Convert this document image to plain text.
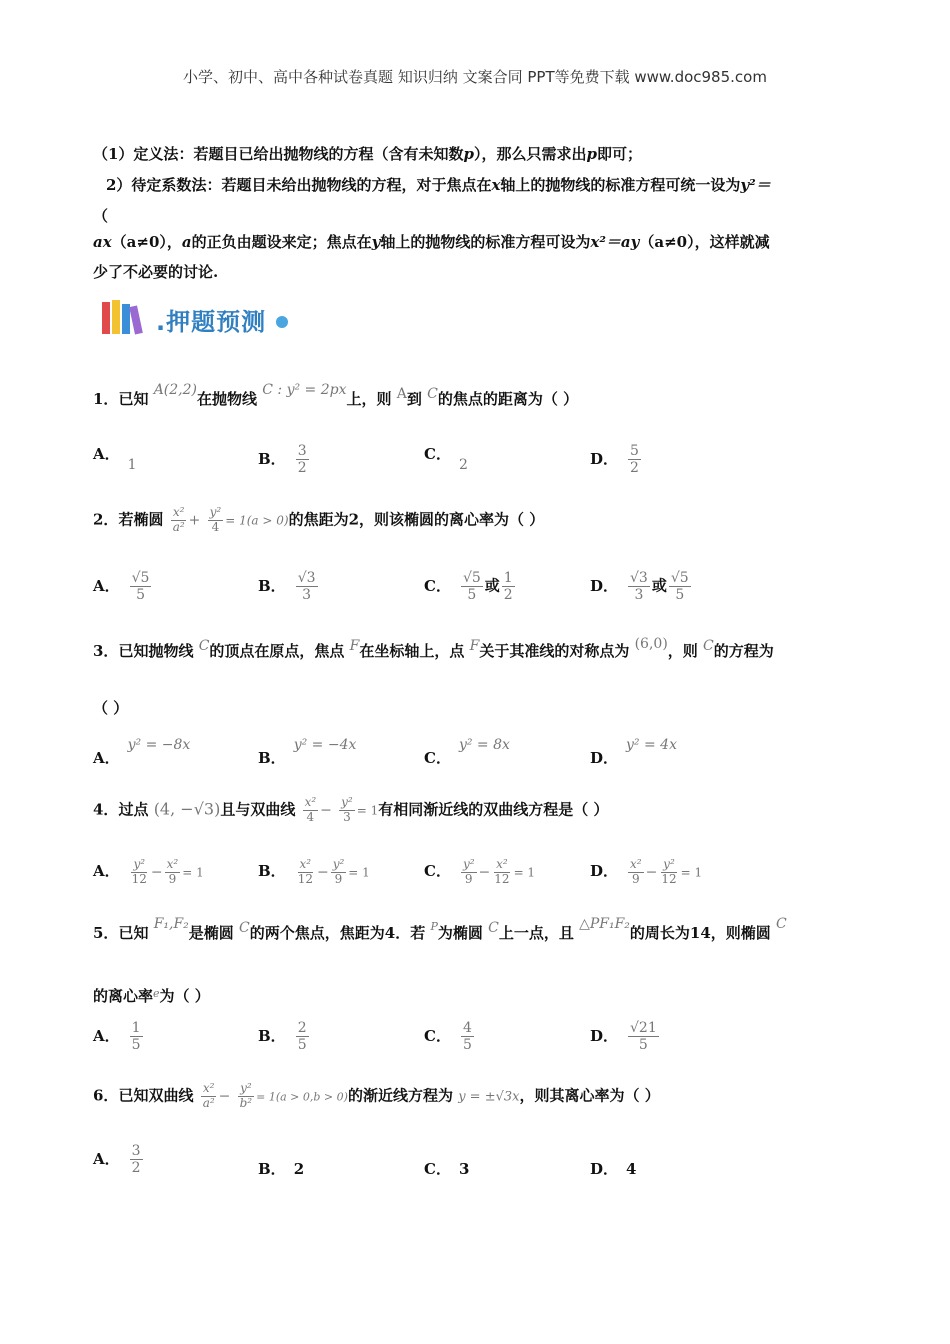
小学、初中、高中各种试卷真题 知识归纳 文案合同 PPT等免费下载 www.doc985.com
（1）定义法：若题目已给出抛物线的方程（含有未知数p），那么只需求出p即可；
2）待定系数法：若题目未给出抛物线的方程，对于焦点在x轴上的抛物线的标准方程可统一设为y²＝
（
ax（a≠0），a的正负由题设来定；焦点在y轴上的抛物线的标准方程可设为x²＝ay（a≠0），这样就减
少了不必要的讨论.
.押题预测
1．已知 A(2,2)在抛物线 C : y² = 2px上，则 A到 C的焦点的距离为（ ）
A．1	B． $\frac{3}{2}$	C．2	D． $\frac{5}{2}$
2．若椭圆 $\frac{\text{x²}}{\text{a²}} + \frac{\text{y²}}{4} = 1(a > 0)$的焦距为2，则该椭圆的离心率为（ ）
A． $\frac{√5}{5}$	B． $\frac{√3}{3}$	C． $\frac{√5}{5}$ 或 $\frac{1}{2}$	D． $\frac{√3}{3}$ 或 $\frac{√5}{5}$
3．已知抛物线 C的顶点在原点，焦点 F在坐标轴上，点 F关于其准线的对称点为 (6,0)，则 C的方程为
（ ）
A．y² = −8x
B．y² = −4x
C．y² = 8x
D．y² = 4x
4．过点 (4, −√3)且与双曲线 $\frac{\text{x²}}{4} - \frac{\text{y²}}{3} = 1$有相同渐近线的双曲线方程是（ ）
A． $\frac{\text{y²}}{12} - \frac{\text{x²}}{9} = 1$	B． $\frac{\text{x²}}{12} - \frac{\text{y²}}{9} = 1$	C． $\frac{\text{y²}}{9} - \frac{\text{x²}}{12} = 1$	D． $\frac{\text{x²}}{9} - \frac{\text{y²}}{12} = 1$
5．已知 F₁,F₂是椭圆 C的两个焦点，焦距为4．若 $^P$为椭圆 C上一点，且 △PF₁F₂的周长为14，则椭圆 C
的离心率$^e$为（ ）
A． $\frac{1}{5}$	B． $\frac{2}{5}$	C． $\frac{4}{5}$	D． $\frac{√21}{5}$
6．已知双曲线 $\frac{\text{x²}}{\text{a²}} - \frac{\text{y²}}{\text{b²}} = 1(a > 0,b > 0)$的渐近线方程为 y = ±√3x，则其离心率为（ ）
A． $\frac{3}{2}$	B． 2	C． 3	D． 4
